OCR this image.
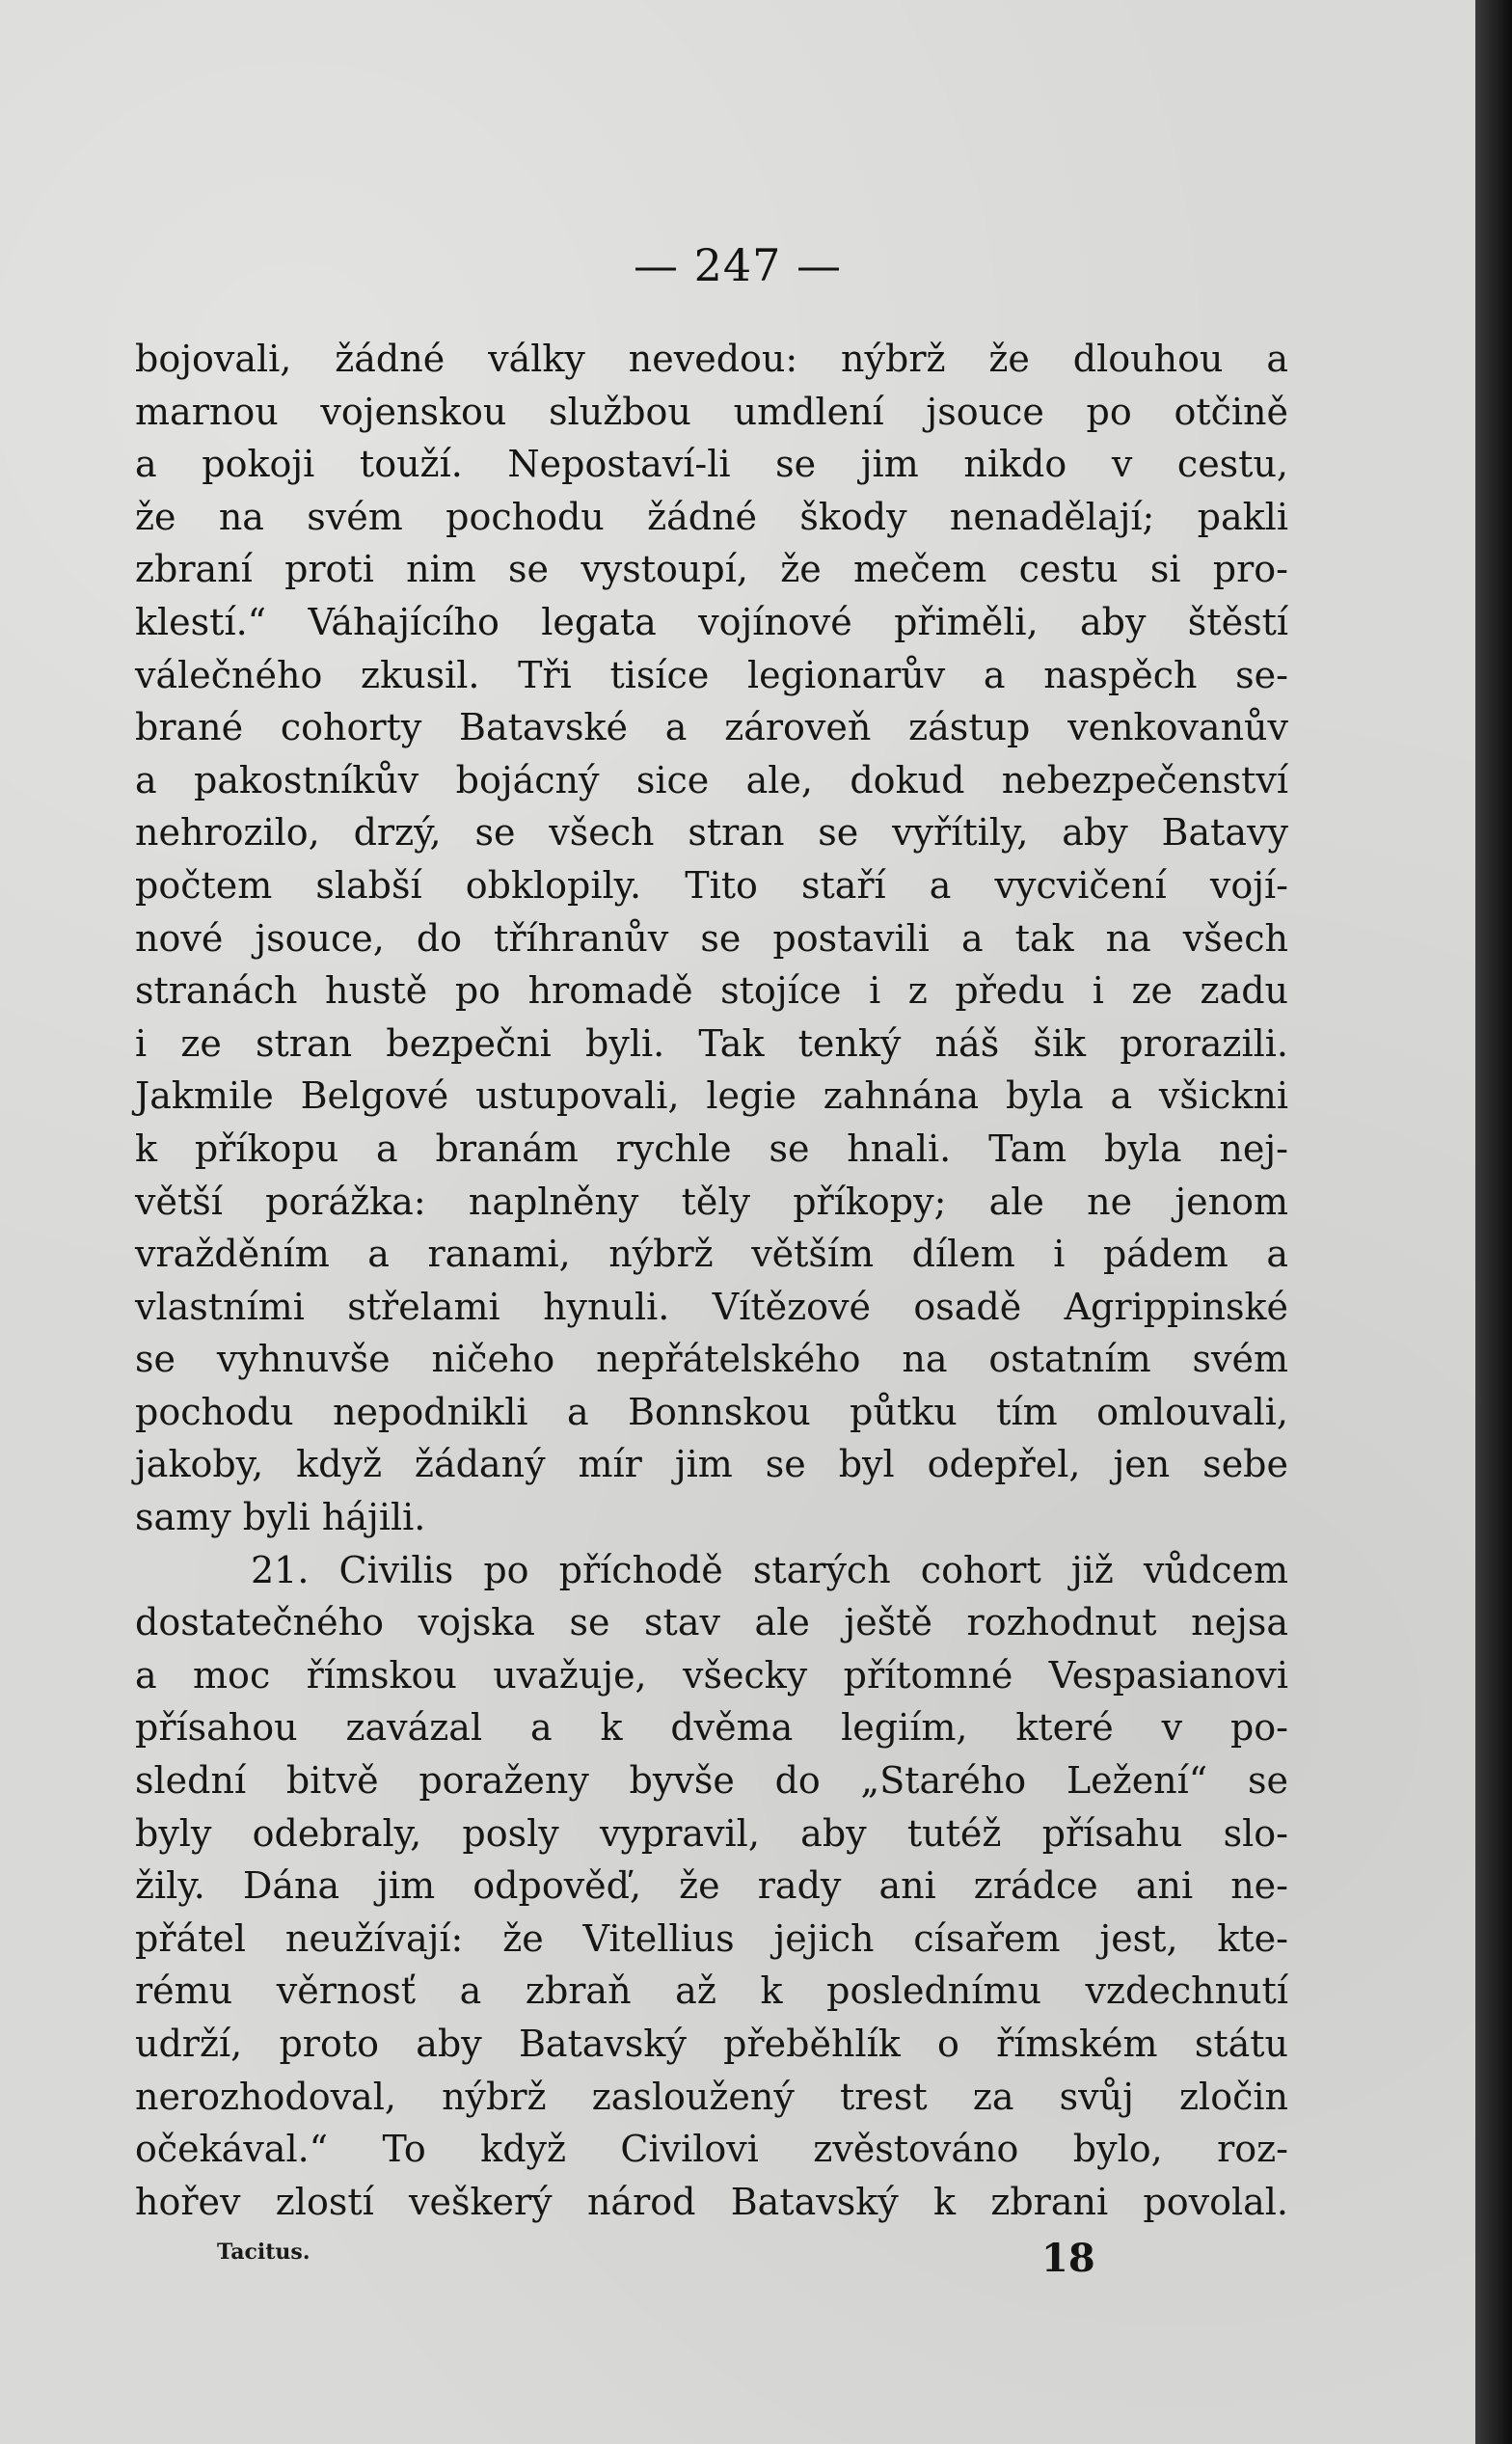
— 247 —
bojovali, žádné války nevedou: nýbrž že dlouhou a
marnou vojenskou službou umdlení jsouce po otčině
a pokoji touží. Nepostaví-li se jim nikdo v cestu,
že na svém pochodu žádné škody nenadělají; pakli
zbraní proti nim se vystoupí, že mečem cestu si pro-
klestí.“ Váhajícího legata vojínové přiměli, aby štěstí
válečného zkusil. Tři tisíce legionarův a naspěch se-
brané cohorty Batavské a zároveň zástup venkovanův
a pakostníkův bojácný sice ale, dokud nebezpečenství
nehrozilo, drzý, se všech stran se vyřítily, aby Batavy
počtem slabší obklopily. Tito staří a vycvičení vojí-
nové jsouce, do tříhranův se postavili a tak na všech
stranách hustě po hromadě stojíce i z předu i ze zadu
i ze stran bezpečni byli. Tak tenký náš šik prorazili.
Jakmile Belgové ustupovali, legie zahnána byla a všickni
k příkopu a branám rychle se hnali. Tam byla nej-
větší porážka: naplněny těly příkopy; ale ne jenom
vražděním a ranami, nýbrž větším dílem i pádem a
vlastními střelami hynuli. Vítězové osadě Agrippinské
se vyhnuvše ničeho nepřátelského na ostatním svém
pochodu nepodnikli a Bonnskou půtku tím omlouvali,
jakoby, když žádaný mír jim se byl odepřel, jen sebe
samy byli hájili.
21. Civilis po příchodě starých cohort již vůdcem
dostatečného vojska se stav ale ještě rozhodnut nejsa
a moc římskou uvažuje, všecky přítomné Vespasianovi
přísahou zavázal a k dvěma legiím, které v po-
slední bitvě poraženy byvše do „Starého Ležení“ se
byly odebraly, posly vypravil, aby tutéž přísahu slo-
žily. Dána jim odpověď, že rady ani zrádce ani ne-
přátel neužívají: že Vitellius jejich císařem jest, kte-
rému věrnosť a zbraň až k poslednímu vzdechnutí
udrží, proto aby Batavský přeběhlík o římském státu
nerozhodoval, nýbrž zasloužený trest za svůj zločin
očekával.“ To když Civilovi zvěstováno bylo, roz-
hořev zlostí veškerý národ Batavský k zbrani povolal.
Tacitus.	18
